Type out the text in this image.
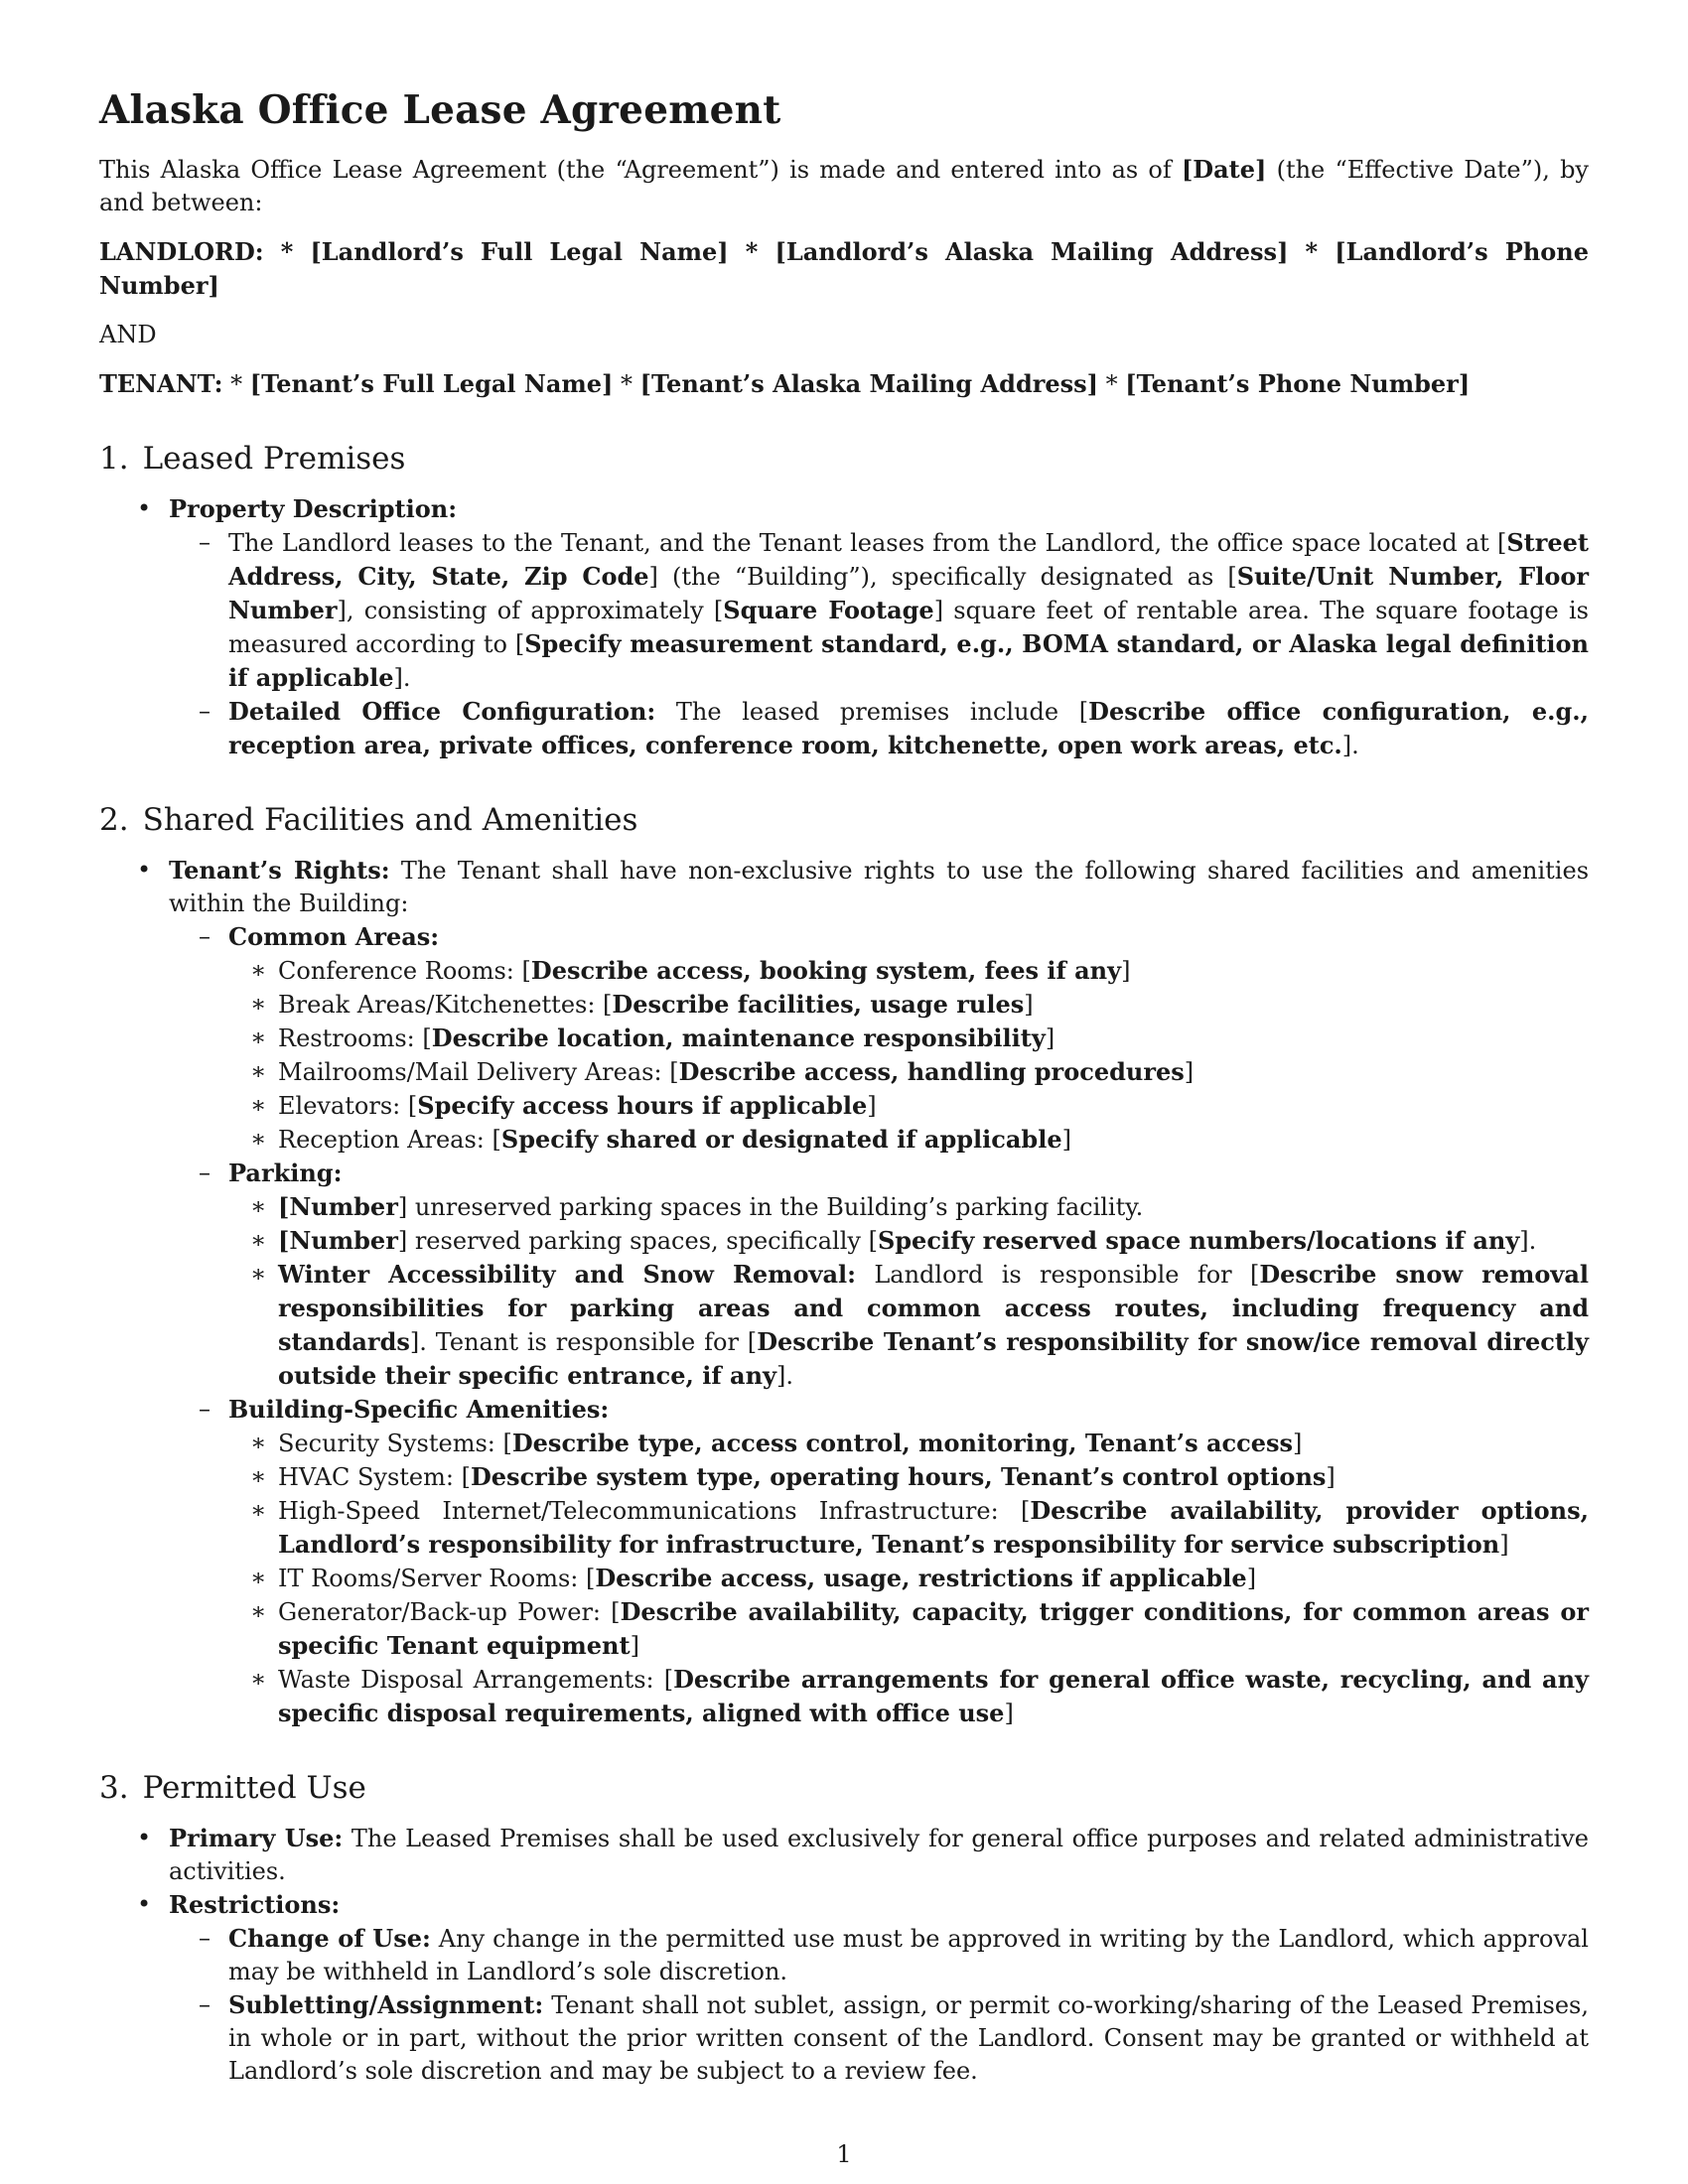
Alaska Office Lease Agreement

This Alaska Office Lease Agreement (the “Agreement”) is made and entered into as of [Date] (the “Effective Date”), by and between:

LANDLORD: * [Landlord’s Full Legal Name] * [Landlord’s Alaska Mailing Address] * [Landlord’s Phone Number]

AND

TENANT: * [Tenant’s Full Legal Name] * [Tenant’s Alaska Mailing Address] * [Tenant’s Phone Number]

1. Leased Premises
• Property Description:
– The Landlord leases to the Tenant, and the Tenant leases from the Landlord, the office space located at [Street Address, City, State, Zip Code] (the “Building”), specifically designated as [Suite/Unit Number, Floor Number], consisting of approximately [Square Footage] square feet of rentable area. The square footage is measured according to [Specify measurement standard, e.g., BOMA standard, or Alaska legal definition if applicable].
– Detailed Office Configuration: The leased premises include [Describe office configuration, e.g., reception area, private offices, conference room, kitchenette, open work areas, etc.].
2. Shared Facilities and Amenities
• Tenant’s Rights: The Tenant shall have non-exclusive rights to use the following shared facilities and amenities within the Building:
– Common Areas:
∗ Conference Rooms: [Describe access, booking system, fees if any]
∗ Break Areas/Kitchenettes: [Describe facilities, usage rules]
∗ Restrooms: [Describe location, maintenance responsibility]
∗ Mailrooms/Mail Delivery Areas: [Describe access, handling procedures]
∗ Elevators: [Specify access hours if applicable]
∗ Reception Areas: [Specify shared or designated if applicable]
– Parking:
∗ [Number] unreserved parking spaces in the Building’s parking facility.
∗ [Number] reserved parking spaces, specifically [Specify reserved space numbers/locations if any].
∗ Winter Accessibility and Snow Removal: Landlord is responsible for [Describe snow removal responsibilities for parking areas and common access routes, including frequency and standards]. Tenant is responsible for [Describe Tenant’s responsibility for snow/ice removal directly outside their specific entrance, if any].
– Building-Specific Amenities:
∗ Security Systems: [Describe type, access control, monitoring, Tenant’s access]
∗ HVAC System: [Describe system type, operating hours, Tenant’s control options]
∗ High-Speed Internet/Telecommunications Infrastructure: [Describe availability, provider options, Landlord’s responsibility for infrastructure, Tenant’s responsibility for service subscription]
∗ IT Rooms/Server Rooms: [Describe access, usage, restrictions if applicable]
∗ Generator/Back-up Power: [Describe availability, capacity, trigger conditions, for common areas or specific Tenant equipment]
∗ Waste Disposal Arrangements: [Describe arrangements for general office waste, recycling, and any specific disposal requirements, aligned with office use]
3. Permitted Use
• Primary Use: The Leased Premises shall be used exclusively for general office purposes and related administrative activities.
• Restrictions:
– Change of Use: Any change in the permitted use must be approved in writing by the Landlord, which approval may be withheld in Landlord’s sole discretion.
– Subletting/Assignment: Tenant shall not sublet, assign, or permit co-working/sharing of the Leased Premises, in whole or in part, without the prior written consent of the Landlord. Consent may be granted or withheld at Landlord’s sole discretion and may be subject to a review fee.
1
